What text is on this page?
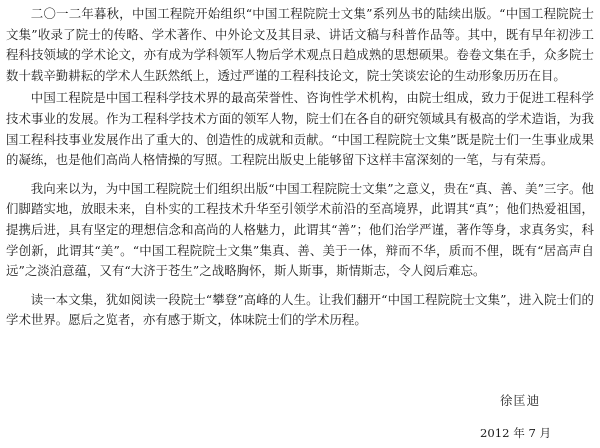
二〇一二年暮秋，中国工程院开始组织“中国工程院院士文集”系列丛书的陆续出版。“中国工程院院士文集”收录了院士的传略、学术著作、中外论文及其目录、讲话文稿与科普作品等。其中，既有早年初涉工程科技领域的学术论文，亦有成为学科领军人物后学术观点日趋成熟的思想硕果。卷卷文集在手，众多院士数十载辛勤耕耘的学术人生跃然纸上，透过严谨的工程科技论文，院士笑谈宏论的生动形象历历在目。

中国工程院是中国工程科学技术界的最高荣誉性、咨询性学术机构，由院士组成，致力于促进工程科学技术事业的发展。作为工程科学技术方面的领军人物，院士们在各自的研究领域具有极高的学术造诣，为我国工程科技事业发展作出了重大的、创造性的成就和贡献。“中国工程院院士文集”既是院士们一生事业成果的凝练，也是他们高尚人格情操的写照。工程院出版史上能够留下这样丰富深刻的一笔，与有荣焉。

我向来以为，为中国工程院院士们组织出版“中国工程院院士文集”之意义，贵在“真、善、美”三字。他们脚踏实地，放眼未来，自朴实的工程技术升华至引领学术前沿的至高境界，此谓其“真”；他们热爱祖国，提携后进，具有坚定的理想信念和高尚的人格魅力，此谓其“善”；他们治学严谨，著作等身，求真务实，科学创新，此谓其“美”。“中国工程院院士文集”集真、善、美于一体，辩而不华，质而不俚，既有“居高声自远”之淡泊意蕴，又有“大济于苍生”之战略胸怀，斯人斯事，斯情斯志，令人阅后难忘。

读一本文集，犹如阅读一段院士“攀登”高峰的人生。让我们翻开“中国工程院院士文集”，进入院士们的学术世界。愿后之览者，亦有感于斯文，体味院士们的学术历程。

徐匡迪
2012 年 7 月
